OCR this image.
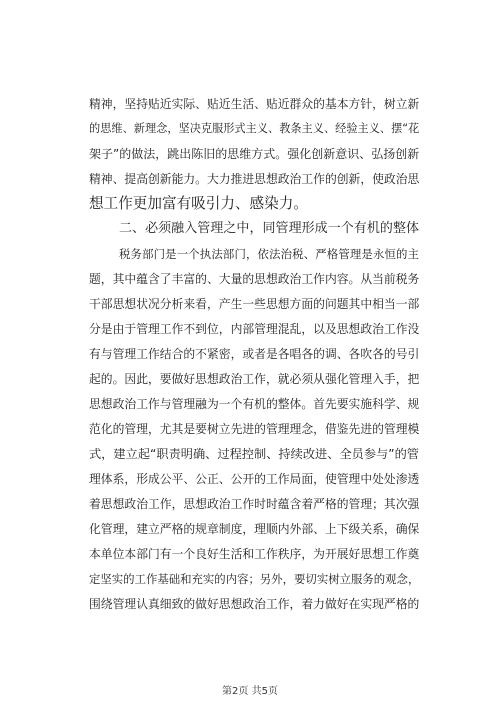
精神，坚持贴近实际、贴近生活、贴近群众的基本方针，树立新
的思维、新理念，坚决克服形式主义、教条主义、经验主义、摆“花
架子”的做法，跳出陈旧的思维方式。强化创新意识、弘扬创新
精神、提高创新能力。大力推进思想政治工作的创新，使政治思
想工作更加富有吸引力、感染力。
二、必须融入管理之中，同管理形成一个有机的整体
税务部门是一个执法部门，依法治税、严格管理是永恒的主
题，其中蕴含了丰富的、大量的思想政治工作内容。从当前税务
干部思想状况分析来看，产生一些思想方面的问题其中相当一部
分是由于管理工作不到位，内部管理混乱，以及思想政治工作没
有与管理工作结合的不紧密，或者是各唱各的调、各吹各的号引
起的。因此，要做好思想政治工作，就必须从强化管理入手，把
思想政治工作与管理融为一个有机的整体。首先要实施科学、规
范化的管理，尤其是要树立先进的管理理念，借鉴先进的管理模
式，建立起“职责明确、过程控制、持续改进、全员参与”的管
理体系，形成公平、公正、公开的工作局面，使管理中处处渗透
着思想政治工作，思想政治工作时时蕴含着严格的管理；其次强
化管理，建立严格的规章制度，理顺内外部、上下级关系，确保
本单位本部门有一个良好生活和工作秩序，为开展好思想工作奠
定坚实的工作基础和充实的内容；另外，要切实树立服务的观念，
围绕管理认真细致的做好思想政治工作，着力做好在实现严格的
第2页 共5页
